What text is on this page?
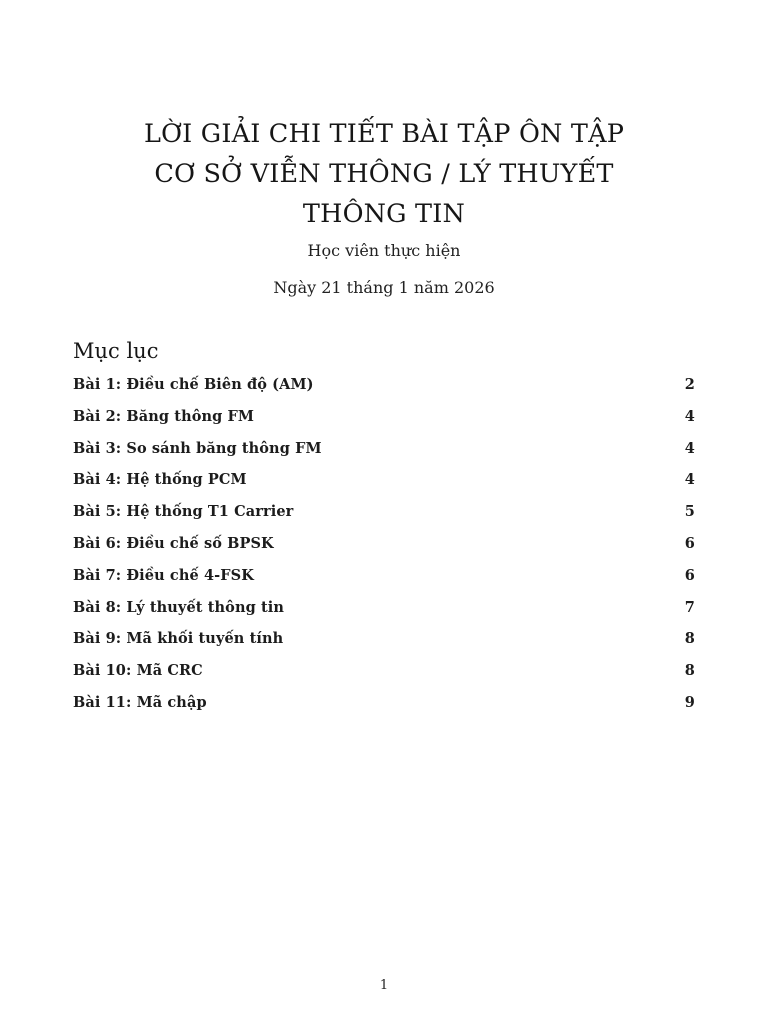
LỜI GIẢI CHI TIẾT BÀI TẬP ÔN TẬP
CƠ SỞ VIỄN THÔNG / LÝ THUYẾT
THÔNG TIN
Học viên thực hiện
Ngày 21 tháng 1 năm 2026
Mục lục
Bài 1: Điều chế Biên độ (AM)	2
Bài 2: Băng thông FM	4
Bài 3: So sánh băng thông FM	4
Bài 4: Hệ thống PCM	4
Bài 5: Hệ thống T1 Carrier	5
Bài 6: Điều chế số BPSK	6
Bài 7: Điều chế 4-FSK	6
Bài 8: Lý thuyết thông tin	7
Bài 9: Mã khối tuyến tính	8
Bài 10: Mã CRC	8
Bài 11: Mã chập	9
1
